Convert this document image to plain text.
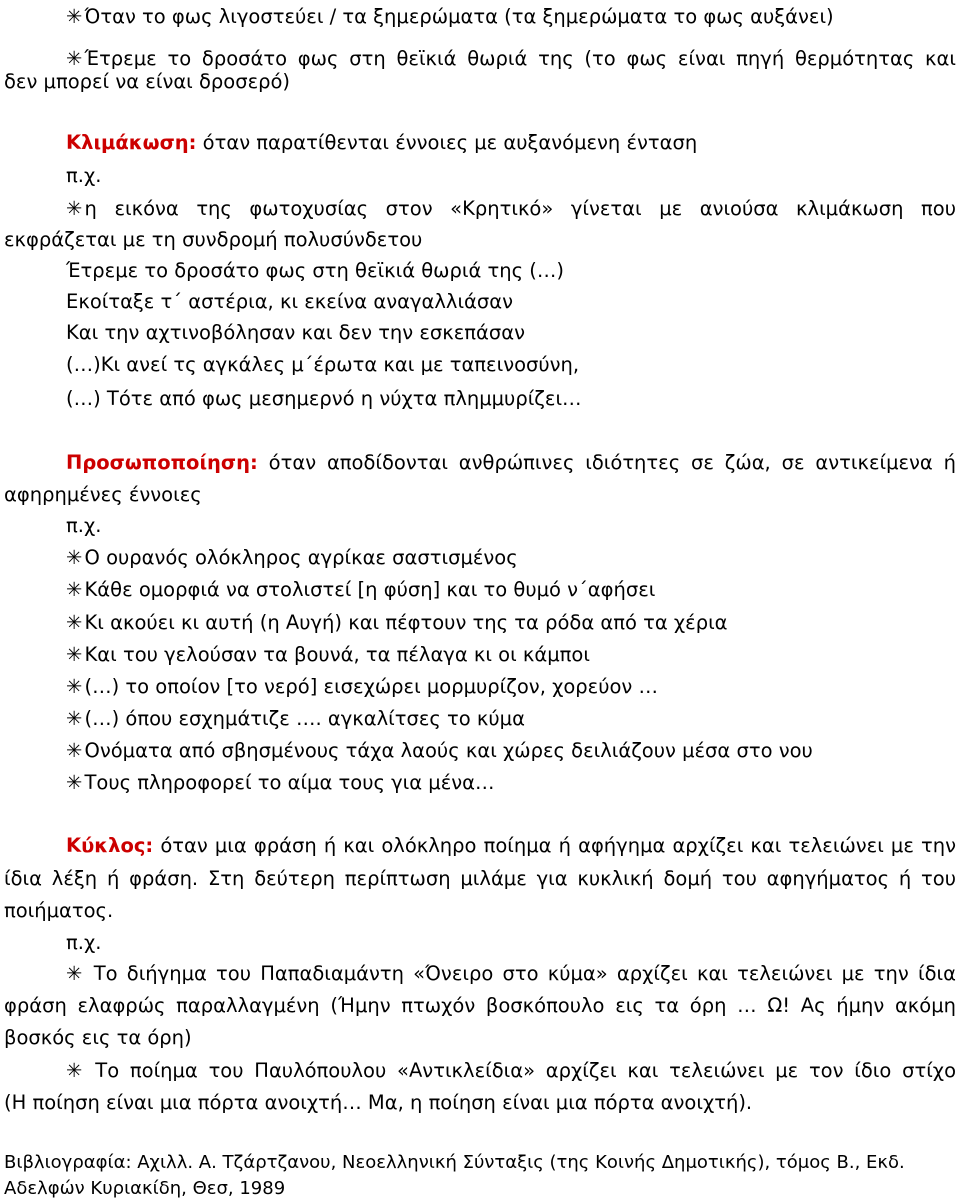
✳ Όταν το φως λιγοστεύει / τα ξημερώματα (τα ξημερώματα το φως αυξάνει)
✳ Έτρεμε το δροσάτο φως στη θεϊκιά θωριά της (το φως είναι πηγή θερμότητας και
δεν μπορεί να είναι δροσερό)
Κλιμάκωση: όταν παρατίθενται έννοιες με αυξανόμενη ένταση
π.χ.
✳ η εικόνα της φωτοχυσίας στον «Κρητικό» γίνεται με ανιούσα κλιμάκωση που
εκφράζεται με τη συνδρομή πολυσύνδετου
Έτρεμε το δροσάτο φως στη θεϊκιά θωριά της (…)
Εκοίταξε τ΄ αστέρια, κι εκείνα αναγαλλιάσαν
Και την αχτινοβόλησαν και δεν την εσκεπάσαν
(…)Κι ανεί τς αγκάλες μ΄έρωτα και με ταπεινοσύνη,
(…) Τότε από φως μεσημερνό η νύχτα πλημμυρίζει…
Προσωποποίηση: όταν αποδίδονται ανθρώπινες ιδιότητες σε ζώα, σε αντικείμενα ή
αφηρημένες έννοιες
π.χ.
✳ Ο ουρανός ολόκληρος αγρίκαε σαστισμένος
✳ Κάθε ομορφιά να στολιστεί [η φύση] και το θυμό ν΄αφήσει
✳ Κι ακούει κι αυτή (η Αυγή) και πέφτουν της τα ρόδα από τα χέρια
✳ Και του γελούσαν τα βουνά, τα πέλαγα κι οι κάμποι
✳ (…) το οποίον [το νερό] εισεχώρει μορμυρίζον, χορεύον …
✳ (…) όπου εσχημάτιζε …. αγκαλίτσες το κύμα
✳ Ονόματα από σβησμένους τάχα λαούς και χώρες δειλιάζουν μέσα στο νου
✳ Τους πληροφορεί το αίμα τους για μένα…
Κύκλος: όταν μια φράση ή και ολόκληρο ποίημα ή αφήγημα αρχίζει και τελειώνει με την
ίδια λέξη ή φράση. Στη δεύτερη περίπτωση μιλάμε για κυκλική δομή του αφηγήματος ή του
ποιήματος.
π.χ.
✳ Το διήγημα του Παπαδιαμάντη «Όνειρο στο κύμα» αρχίζει και τελειώνει με την ίδια
φράση ελαφρώς παραλλαγμένη (Ήμην πτωχόν βοσκόπουλο εις τα όρη … Ω! Ας ήμην ακόμη
βοσκός εις τα όρη)
✳ Το ποίημα του Παυλόπουλου «Αντικλείδια» αρχίζει και τελειώνει με τον ίδιο στίχο
(Η ποίηση είναι μια πόρτα ανοιχτή… Μα, η ποίηση είναι μια πόρτα ανοιχτή).
Βιβλιογραφία: Αχιλλ. Α. Τζάρτζανου, Νεοελληνική Σύνταξις (της Κοινής Δημοτικής), τόμος Β., Εκδ.
Αδελφών Κυριακίδη, Θεσ, 1989
